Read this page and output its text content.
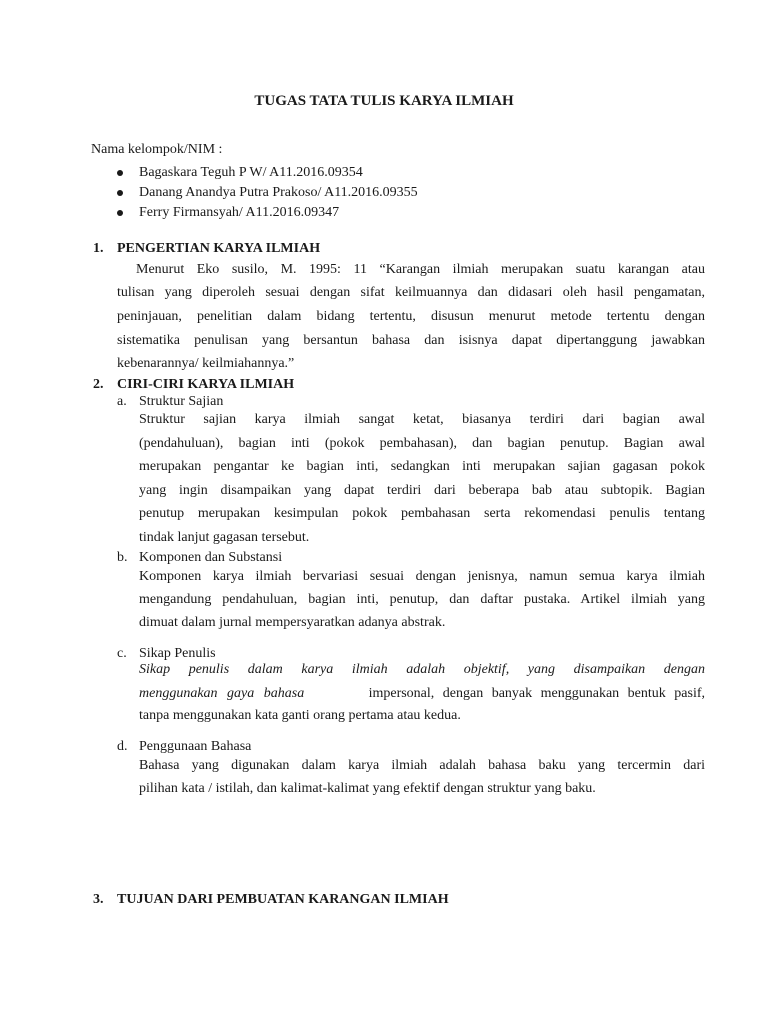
TUGAS TATA TULIS KARYA ILMIAH
Nama kelompok/NIM :
Bagaskara Teguh P W/ A11.2016.09354
Danang Anandya Putra Prakoso/ A11.2016.09355
Ferry Firmansyah/ A11.2016.09347
1. PENGERTIAN KARYA ILMIAH
Menurut Eko susilo, M. 1995: 11 “Karangan ilmiah merupakan suatu karangan atau
tulisan yang diperoleh sesuai dengan sifat keilmuannya dan didasari oleh hasil pengamatan,
peninjauan, penelitian dalam bidang tertentu, disusun menurut metode tertentu dengan
sistematika penulisan yang bersantun bahasa dan isisnya dapat dipertanggung jawabkan
kebenarannya/ keilmiahannya.”
2. CIRI-CIRI KARYA ILMIAH
a. Struktur Sajian
Struktur sajian karya ilmiah sangat ketat, biasanya terdiri dari bagian awal
(pendahuluan), bagian inti (pokok pembahasan), dan bagian penutup. Bagian awal
merupakan pengantar ke bagian inti, sedangkan inti merupakan sajian gagasan pokok
yang ingin disampaikan yang dapat terdiri dari beberapa bab atau subtopik. Bagian
penutup merupakan kesimpulan pokok pembahasan serta rekomendasi penulis tentang
tindak lanjut gagasan tersebut.
b. Komponen dan Substansi
Komponen karya ilmiah bervariasi sesuai dengan jenisnya, namun semua karya ilmiah
mengandung pendahuluan, bagian inti, penutup, dan daftar pustaka. Artikel ilmiah yang
dimuat dalam jurnal mempersyaratkan adanya abstrak.
c. Sikap Penulis
Sikap penulis dalam karya ilmiah adalah objektif, yang disampaikan dengan
menggunakan gaya bahasa	impersonal, dengan banyak menggunakan bentuk pasif,
tanpa menggunakan kata ganti orang pertama atau kedua.
d. Penggunaan Bahasa
Bahasa yang digunakan dalam karya ilmiah adalah bahasa baku yang tercermin dari
pilihan kata / istilah, dan kalimat-kalimat yang efektif dengan struktur yang baku.
3. TUJUAN DARI PEMBUATAN KARANGAN ILMIAH
